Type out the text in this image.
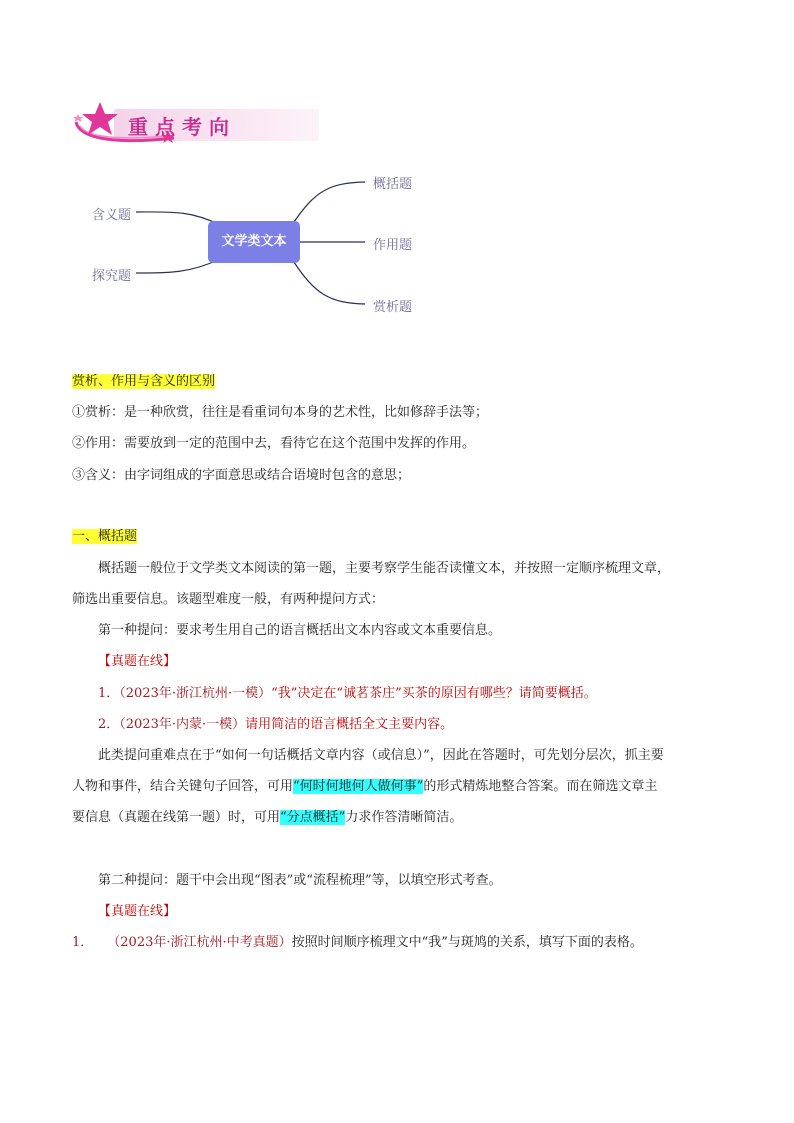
重点考向
含义题
探究题
文学类文本
概括题
作用题
赏析题
赏析、作用与含义的区别
①赏析：是一种欣赏，往往是看重词句本身的艺术性，比如修辞手法等；
②作用：需要放到一定的范围中去，看待它在这个范围中发挥的作用。
③含义：由字词组成的字面意思或结合语境时包含的意思；
一、概括题
概括题一般位于文学类文本阅读的第一题，主要考察学生能否读懂文本，并按照一定顺序梳理文章，
筛选出重要信息。该题型难度一般，有两种提问方式：
第一种提问：要求考生用自己的语言概括出文本内容或文本重要信息。
【真题在线】
1．（2023年·浙江杭州·一模）“我”决定在“诚茗茶庄”买茶的原因有哪些？请简要概括。
2．（2023年·内蒙·一模）请用简洁的语言概括全文主要内容。
此类提问重难点在于“如何一句话概括文章内容（或信息）”，因此在答题时，可先划分层次，抓主要
人物和事件，结合关键句子回答，可用“何时何地何人做何事”的形式精炼地整合答案。而在筛选文章主
要信息（真题在线第一题）时，可用“分点概括”力求作答清晰简洁。
第二种提问：题干中会出现“图表”或“流程梳理”等，以填空形式考查。
【真题在线】
1． （2023年·浙江杭州·中考真题）按照时间顺序梳理文中“我”与斑鸠的关系，填写下面的表格。
